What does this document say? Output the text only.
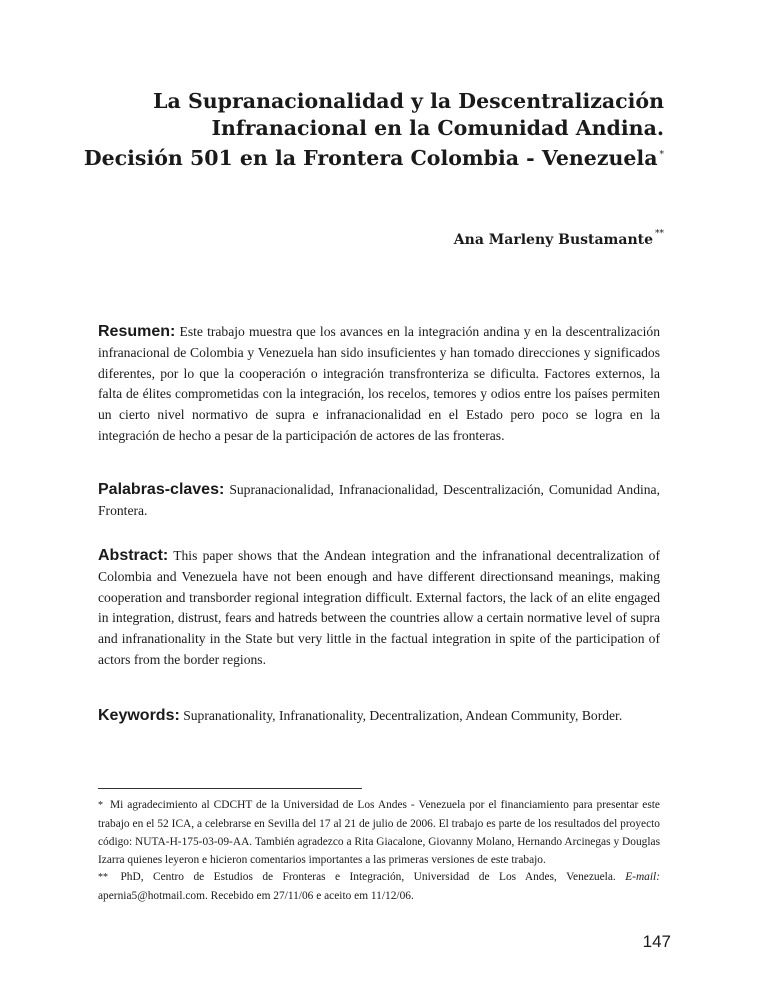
La Supranacionalidad y la Descentralización
Infranacional en la Comunidad Andina.
Decisión 501 en la Frontera Colombia - Venezuela *
Ana Marleny Bustamante **

Resumen: Este trabajo muestra que los avances en la integración andina y en la descentralización infranacional de Colombia y Venezuela han sido insuficientes y han tomado direcciones y significados diferentes, por lo que la cooperación o integración transfronteriza se dificulta. Factores externos, la falta de élites comprometidas con la integración, los recelos, temores y odios entre los países permiten un cierto nivel normativo de supra e infranacionalidad en el Estado pero poco se logra en la integración de hecho a pesar de la participación de actores de las fronteras.

Palabras-claves: Supranacionalidad, Infranacionalidad, Descentralización, Comunidad Andina, Frontera.

Abstract: This paper shows that the Andean integration and the infranational decentralization of Colombia and Venezuela have not been enough and have different directionsand meanings, making cooperation and transborder regional integration difficult. External factors, the lack of an elite engaged in integration, distrust, fears and hatreds between the countries allow a certain normative level of supra and infranationality in the State but very little in the factual integration in spite of the participation of actors from the border regions.

Keywords: Supranationality, Infranationality, Decentralization, Andean Community, Border.

* Mi agradecimiento al CDCHT de la Universidad de Los Andes - Venezuela por el financiamiento para presentar este trabajo en el 52 ICA, a celebrarse en Sevilla del 17 al 21 de julio de 2006. El trabajo es parte de los resultados del proyecto código: NUTA-H-175-03-09-AA. También agradezco a Rita Giacalone, Giovanny Molano, Hernando Arcinegas y Douglas Izarra quienes leyeron e hicieron comentarios importantes a las primeras versiones de este trabajo.

** PhD, Centro de Estudios de Fronteras e Integración, Universidad de Los Andes, Venezuela. E-mail: apernia5@hotmail.com. Recebido em 27/11/06 e aceito em 11/12/06.

147
